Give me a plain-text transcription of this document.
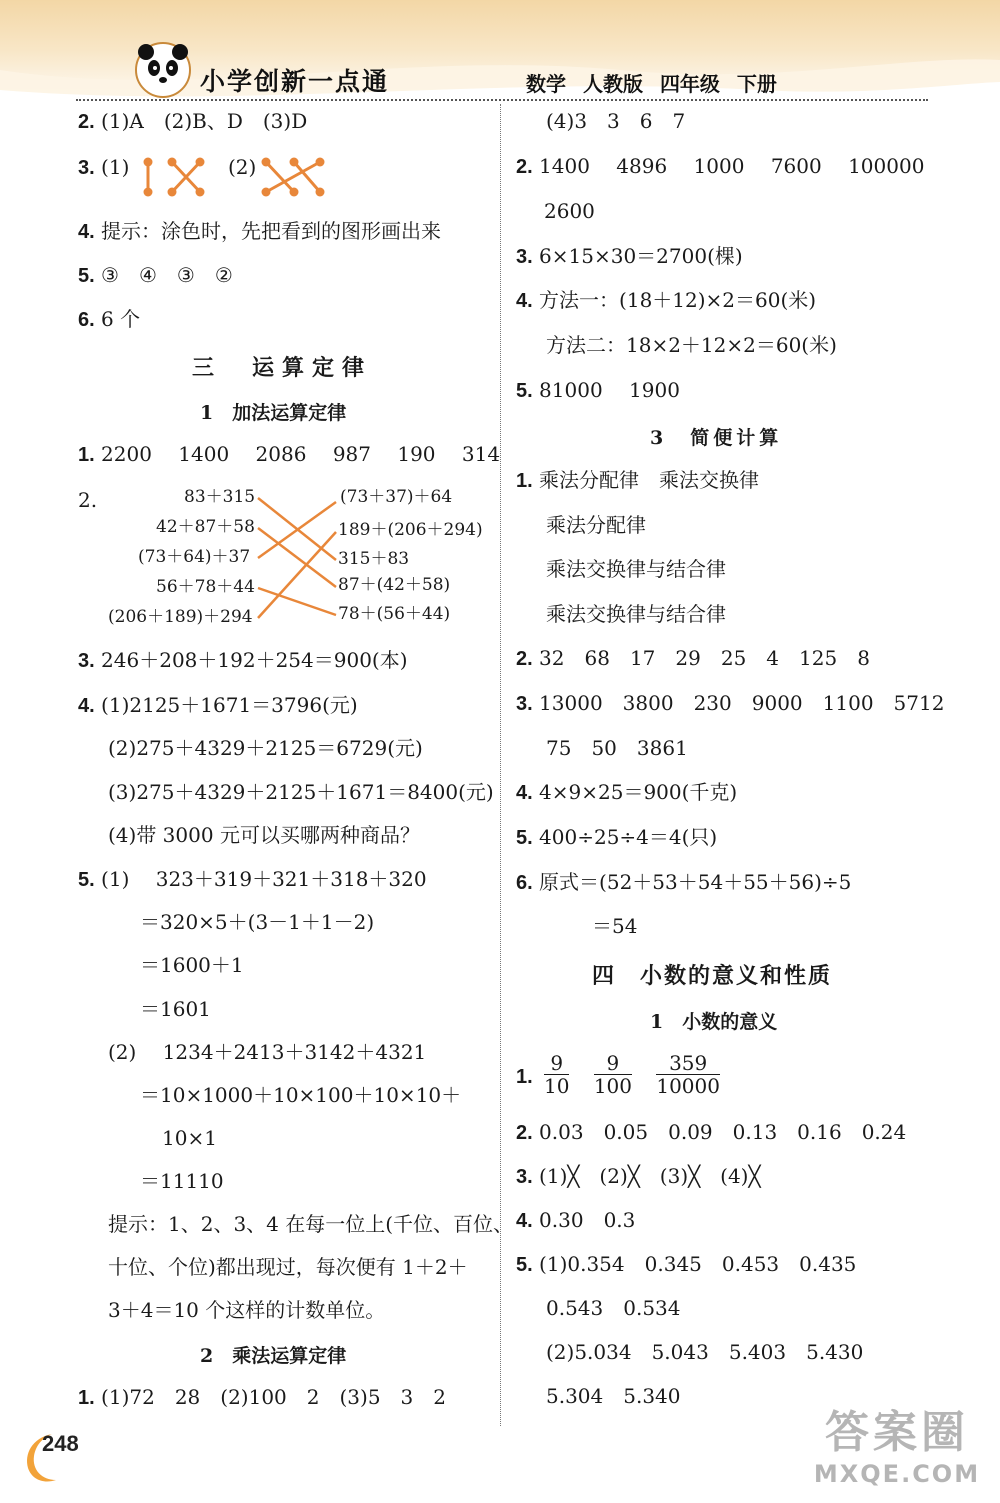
小学创新一点通	数学 人教版 四年级 下册
2. (1)A　(2)B、D　(3)D
3. (1)	(2)
4. 提示：涂色时，先把看到的图形画出来
5. ③　④　③　②
6. 6 个
三　运算定律
1　加法运算定律
1. 2200　 1400　 2086　 987　 190　 314
2.	83＋315
42＋87＋58
(73＋64)＋37
56＋78＋44
(206＋189)＋294
(73＋37)＋64
189＋(206＋294)
315＋83
87＋(42＋58)
78＋(56＋44)
3. 246＋208＋192＋254＝900(本)
4. (1)2125＋1671＝3796(元)
(2)275＋4329＋2125＝6729(元)
(3)275＋4329＋2125＋1671＝8400(元)
(4)带 3000 元可以买哪两种商品？
5. (1)　 323＋319＋321＋318＋320
＝320×5＋(3－1＋1－2)
＝1600＋1
＝1601
(2)　 1234＋2413＋3142＋4321
＝10×1000＋10×100＋10×10＋
10×1
＝11110
提示：1、2、3、4 在每一位上(千位、百位、
十位、个位)都出现过，每次便有 1＋2＋
3＋4＝10 个这样的计数单位。
2　乘法运算定律
1. (1)72　28　(2)100　2　(3)5　3　2
(4)3　3　6　7
2. 1400　 4896　 1000　 7600　 100000
2600
3. 6×15×30＝2700(棵)
4. 方法一：(18＋12)×2＝60(米)
方法二：18×2＋12×2＝60(米)
5. 81000　 1900
3　简便计算
1. 乘法分配律　乘法交换律
乘法分配律
乘法交换律与结合律
乘法交换律与结合律
2. 32　68　17　29　25　4　125　8
3. 13000　3800　230　9000　1100　5712
75　50　3861
4. 4×9×25＝900(千克)
5. 400÷25÷4＝4(只)
6. 原式＝(52＋53＋54＋55＋56)÷5
＝54
四　小数的意义和性质
1　小数的意义
1. $\frac{9}{10}$
$\frac{9}{100}$
$\frac{359}{10000}$
2. 0.03　0.05　0.09　0.13　0.16　0.24
3. (1)╳　(2)╳　(3)╳　(4)╳
4. 0.30　0.3
5. (1)0.354　0.345　0.453　0.435
0.543　0.534
(2)5.034　5.043　5.403　5.430
5.304　5.340
248	答案圈
MXQE.COM
